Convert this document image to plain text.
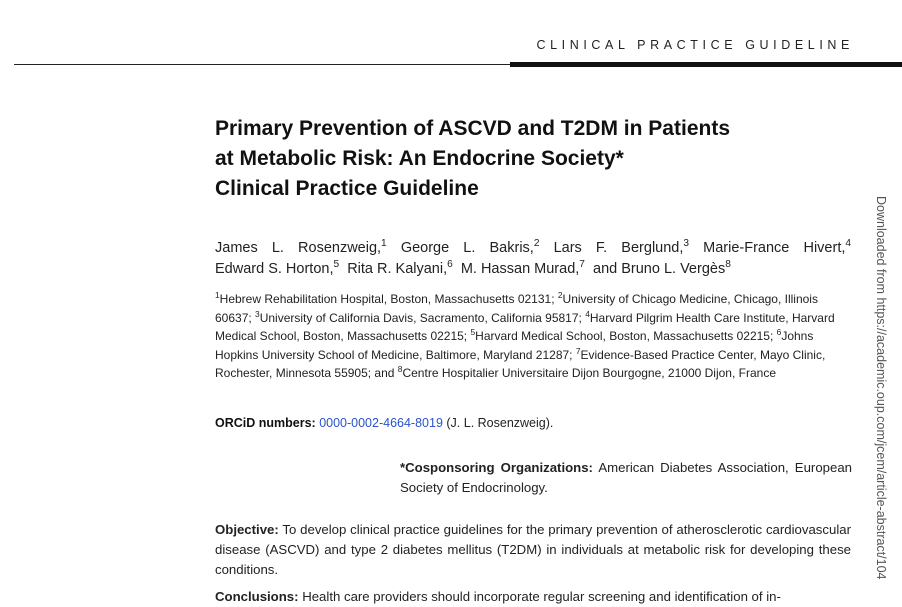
CLINICAL PRACTICE GUIDELINE
Primary Prevention of ASCVD and T2DM in Patients
at Metabolic Risk: An Endocrine Society*
Clinical Practice Guideline
James L. Rosenzweig,$^1$ George L. Bakris,$^2$ Lars F. Berglund,$^3$ Marie-France Hivert,$^4$
Edward S. Horton,$^5$ Rita R. Kalyani,$^6$ M. Hassan Murad,$^7$ and Bruno L. Vergès$^8$

$^1$Hebrew Rehabilitation Hospital, Boston, Massachusetts 02131; $^2$University of Chicago Medicine, Chicago, Illinois 60637; $^3$University of California Davis, Sacramento, California 95817; $^4$Harvard Pilgrim Health Care Institute, Harvard Medical School, Boston, Massachusetts 02215; $^5$Harvard Medical School, Boston, Massachusetts 02215; $^6$Johns Hopkins University School of Medicine, Baltimore, Maryland 21287; $^7$Evidence-Based Practice Center, Mayo Clinic, Rochester, Minnesota 55905; and $^8$Centre Hospitalier Universitaire Dijon Bourgogne, 21000 Dijon, France

ORCiD numbers: 0000-0002-4664-8019 (J. L. Rosenzweig).

*Cosponsoring Organizations: American Diabetes Association, European Society of Endocrinology.

Objective: To develop clinical practice guidelines for the primary prevention of atherosclerotic cardiovascular disease (ASCVD) and type 2 diabetes mellitus (T2DM) in individuals at metabolic risk for developing these conditions.

Conclusions: Health care providers should incorporate regular screening and identification of in-

Downloaded from https://academic.oup.com/jcem/article-abstract/104
